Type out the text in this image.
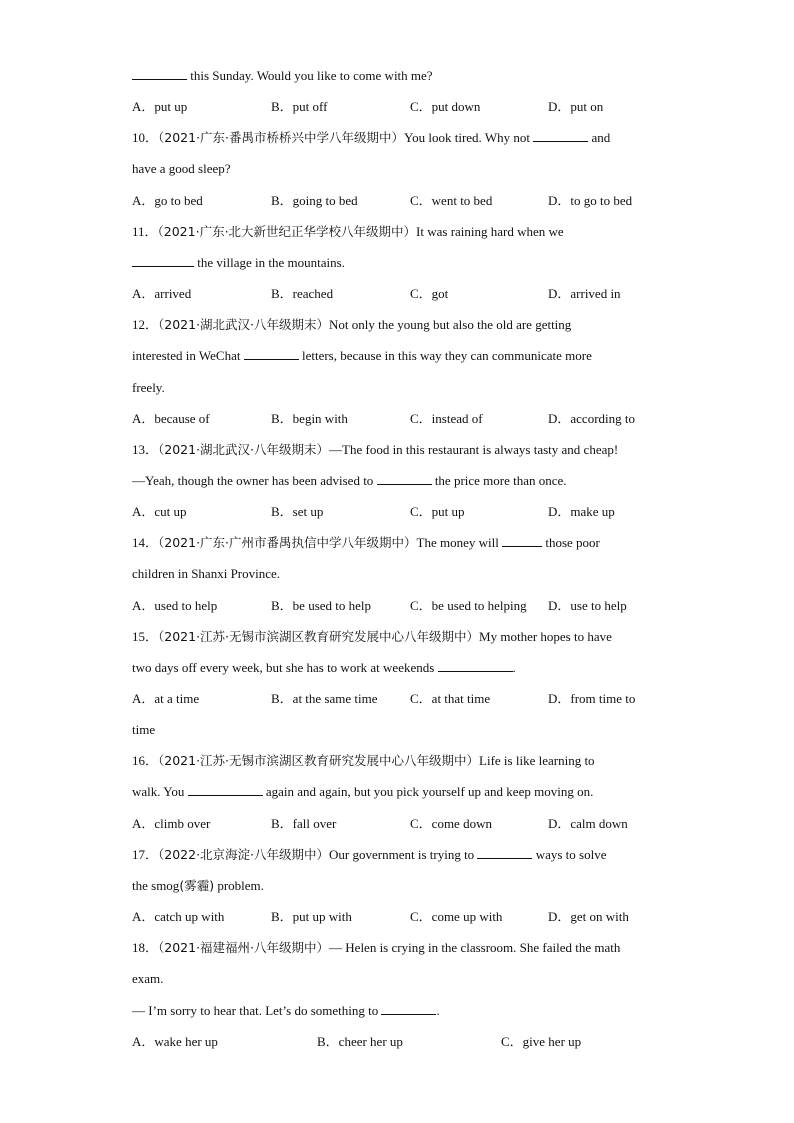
this Sunday. Would you like to come with me?
A．put up	B．put off	C．put down	D．put on
10．（2021·广东·番禺市桥桥兴中学八年级期中）You look tired. Why not	and
have a good sleep?
A．go to bed	B．going to bed	C．went to bed	D．to go to bed
11．（2021·广东·北大新世纪正华学校八年级期中）It was raining hard when we
the village in the mountains.
A．arrived	B．reached	C．got	D．arrived in
12．（2021·湖北武汉·八年级期末）Not only the young but also the old are getting
interested in WeChat	letters, because in this way they can communicate more
freely.
A．because of	B．begin with	C．instead of	D．according to
13．（2021·湖北武汉·八年级期末）—The food in this restaurant is always tasty and cheap!
—Yeah, though the owner has been advised to	the price more than once.
A．cut up	B．set up	C．put up	D．make up
14．（2021·广东·广州市番禺执信中学八年级期中）The money will	those poor
children in Shanxi Province.
A．used to help	B．be used to help	C．be used to helping D．use to help
15．（2021·江苏·无锡市滨湖区教育研究发展中心八年级期中）My mother hopes to have
two days off every week, but she has to work at weekends	.
A．at a time	B．at the same time C．at that time	D．from time to
time
16．（2021·江苏·无锡市滨湖区教育研究发展中心八年级期中）Life is like learning to
walk. You	again and again, but you pick yourself up and keep moving on.
A．climb over	B．fall over	C．come down	D．calm down
17．（2022·北京海淀·八年级期中）Our government is trying to	ways to solve
the smog(雾霾) problem.
A．catch up with	B．put up with	C．come up with	D．get on with
18．（2021·福建福州·八年级期中）— Helen is crying in the classroom. She failed the math
exam.
— I’m sorry to hear that. Let’s do something to	.
A．wake her up	B．cheer her up	C．give her up
